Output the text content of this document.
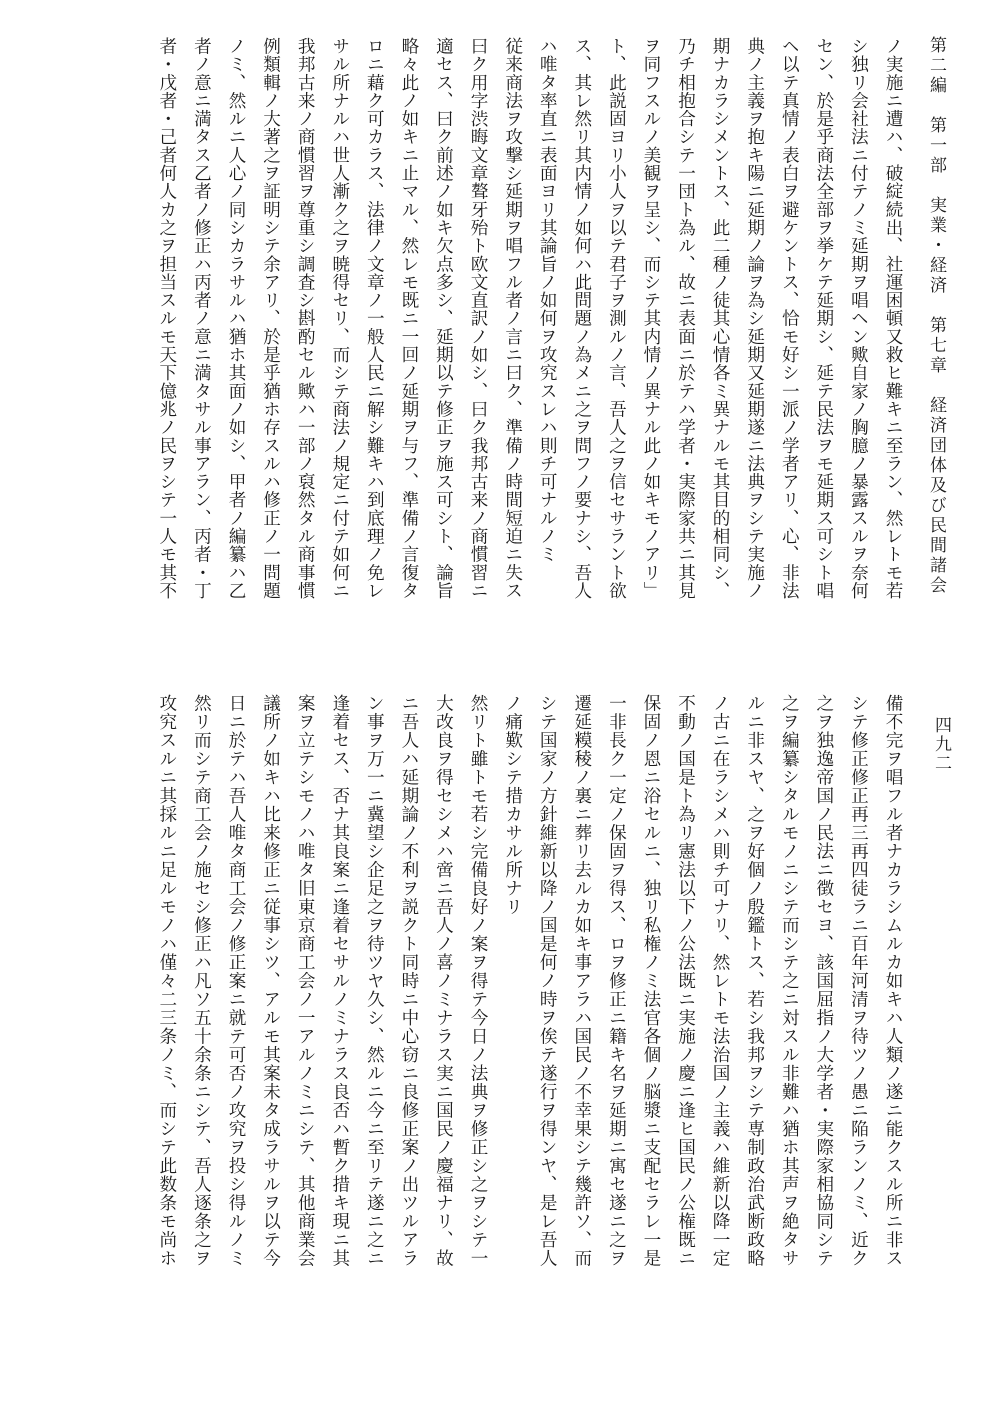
第二編　第一部　実業・経済　第七章　経済団体及び民間諸会
四九二
ノ実施ニ遭ハ、破綻続出、社運困頓又救ヒ難キニ至ラン、然レトモ若
シ独リ会社法ニ付テノミ延期ヲ唱ヘン歟自家ノ胸臆ノ暴露スルヲ奈何
セン、於是乎商法全部ヲ挙ケテ延期シ、延テ民法ヲモ延期ス可シト唱
ヘ以テ真情ノ表白ヲ避ケントス、恰モ好シ一派ノ学者アリ、心、非法
典ノ主義ヲ抱キ陽ニ延期ノ論ヲ為シ延期又延期遂ニ法典ヲシテ実施ノ
期ナカラシメントス、此二種ノ徒其心情各ミ異ナルモ其目的相同シ、
乃チ相抱合シテ一団ト為ル、故ニ表面ニ於テハ学者・実際家共ニ其見
ヲ同フスルノ美観ヲ呈シ、而シテ其内情ノ異ナル此ノ如キモノアリ」
ト、此説固ヨリ小人ヲ以テ君子ヲ測ルノ言、吾人之ヲ信セサラント欲
ス、其レ然リ其内情ノ如何ハ此問題ノ為メニ之ヲ問フノ要ナシ、吾人
ハ唯タ率直ニ表面ヨリ其論旨ノ如何ヲ攻究スレハ則チ可ナルノミ
従来商法ヲ攻撃シ延期ヲ唱フル者ノ言ニ曰ク、準備ノ時間短迫ニ失ス
曰ク用字渋晦文章聱牙殆ト欧文直訳ノ如シ、曰ク我邦古来ノ商慣習ニ
適セス、曰ク前述ノ如キ欠点多シ、延期以テ修正ヲ施ス可シト、論旨
略々此ノ如キニ止マル、然レモ既ニ一回ノ延期ヲ与フ、準備ノ言復タ
ロニ藉ク可カラス、法律ノ文章ノ一般人民ニ解シ難キハ到底理ノ免レ
サル所ナルハ世人漸ク之ヲ暁得セリ、而シテ商法ノ規定ニ付テ如何ニ
我邦古来ノ商慣習ヲ尊重シ調査シ斟酌セル歟ハ一部ノ裒然タル商事慣
例類輯ノ大著之ヲ証明シテ余アリ、於是乎猶ホ存スルハ修正ノ一問題
ノミ、然ルニ人心ノ同シカラサルハ猶ホ其面ノ如シ、甲者ノ編纂ハ乙
者ノ意ニ満タス乙者ノ修正ハ丙者ノ意ニ満タサル事アラン、丙者・丁
者・戊者・己者何人カ之ヲ担当スルモ天下億兆ノ民ヲシテ一人モ其不
備不完ヲ唱フル者ナカラシムルカ如キハ人類ノ遂ニ能クスル所ニ非ス
シテ修正修正再三再四徒ラニ百年河清ヲ待ツノ愚ニ陥ランノミ、近ク
之ヲ独逸帝国ノ民法ニ徴セヨ、該国屈指ノ大学者・実際家相協同シテ
之ヲ編纂シタルモノニシテ而シテ之ニ対スル非難ハ猶ホ其声ヲ絶タサ
ルニ非スヤ、之ヲ好個ノ殷鑑トス、若シ我邦ヲシテ専制政治武断政略
ノ古ニ在ラシメハ則チ可ナリ、然レトモ法治国ノ主義ハ維新以降一定
不動ノ国是ト為リ憲法以下ノ公法既ニ実施ノ慶ニ逢ヒ国民ノ公権既ニ
保固ノ恩ニ浴セルニ、独リ私権ノミ法官各個ノ脳漿ニ支配セラレ一是
一非長ク一定ノ保固ヲ得ス、ロヲ修正ニ籍キ名ヲ延期ニ寓セ遂ニ之ヲ
遷延糢稜ノ裏ニ葬リ去ルカ如キ事アラハ国民ノ不幸果シテ幾許ソ、而
シテ国家ノ方針維新以降ノ国是何ノ時ヲ俟テ遂行ヲ得ンヤ、是レ吾人
ノ痛歎シテ措カサル所ナリ
然リト雖トモ若シ完備良好ノ案ヲ得テ今日ノ法典ヲ修正シ之ヲシテ一
大改良ヲ得セシメハ啻ニ吾人ノ喜ノミナラス実ニ国民ノ慶福ナリ、故
ニ吾人ハ延期論ノ不利ヲ説クト同時ニ中心窃ニ良修正案ノ出ツルアラ
ン事ヲ万一ニ冀望シ企足之ヲ待ツヤ久シ、然ルニ今ニ至リテ遂ニ之ニ
逢着セス、否ナ其良案ニ逢着セサルノミナラス良否ハ暫ク措キ現ニ其
案ヲ立テシモノハ唯タ旧東京商工会ノ一アルノミニシテ、其他商業会
議所ノ如キハ比来修正ニ従事シツ、アルモ其案未タ成ラサルヲ以テ今
日ニ於テハ吾人唯タ商工会ノ修正案ニ就テ可否ノ攻究ヲ投シ得ルノミ
然リ而シテ商工会ノ施セシ修正ハ凡ソ五十余条ニシテ、吾人逐条之ヲ
攻究スルニ其採ルニ足ルモノハ僅々二三条ノミ、而シテ此数条モ尚ホ
